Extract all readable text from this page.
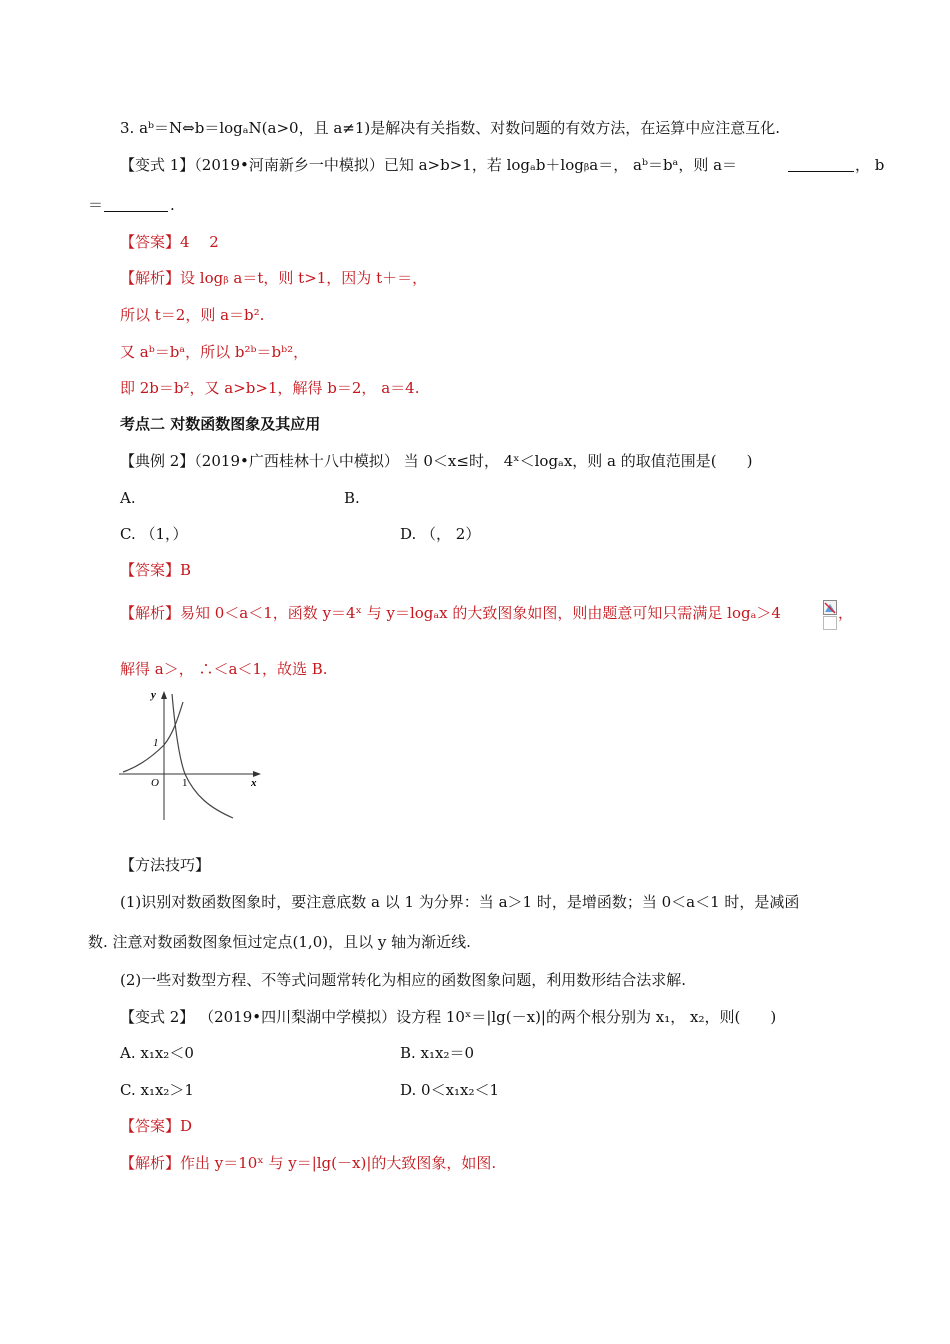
3. aᵇ＝N⇔b＝logₐN(a>0，且 a≠1)是解决有关指数、对数问题的有效方法，在运算中应注意互化.
【变式 1】（2019•河南新乡一中模拟）已知 a>b>1，若 logₐb＋logᵦa＝， aᵇ＝bᵃ，则 a＝	， b
＝	.
【答案】4　 2
【解析】设 logᵦ a＝t，则 t>1，因为 t＋＝，
所以 t＝2，则 a＝b².
又 aᵇ＝bᵃ，所以 b²ᵇ＝bᵇ²，
即 2b＝b²，又 a>b>1，解得 b＝2， a＝4.
考点二 对数函数图象及其应用
【典例 2】（2019•广西桂林十八中模拟） 当 0＜x≤时， 4ˣ＜logₐx，则 a 的取值范围是(　　)
A.	B.
C. （1，）	D. （， 2）
【答案】B
【解析】易知 0＜a＜1，函数 y＝4ˣ 与 y＝logₐx 的大致图象如图，则由题意可知只需满足 logₐ＞4	，
解得 a＞， ∴＜a＜1，故选 B.
1
O 1
y
x
【方法技巧】
(1)识别对数函数图象时，要注意底数 a 以 1 为分界：当 a＞1 时，是增函数；当 0＜a＜1 时，是减函
数. 注意对数函数图象恒过定点(1,0)，且以 y 轴为渐近线.
(2)一些对数型方程、不等式问题常转化为相应的函数图象问题，利用数形结合法求解.
【变式 2】 （2019•四川梨湖中学模拟）设方程 10ˣ＝|lg(－x)|的两个根分别为 x₁， x₂，则(　　)
A. x₁x₂＜0	B. x₁x₂＝0
C. x₁x₂＞1	D. 0＜x₁x₂＜1
【答案】D
【解析】作出 y＝10ˣ 与 y＝|lg(－x)|的大致图象，如图.
